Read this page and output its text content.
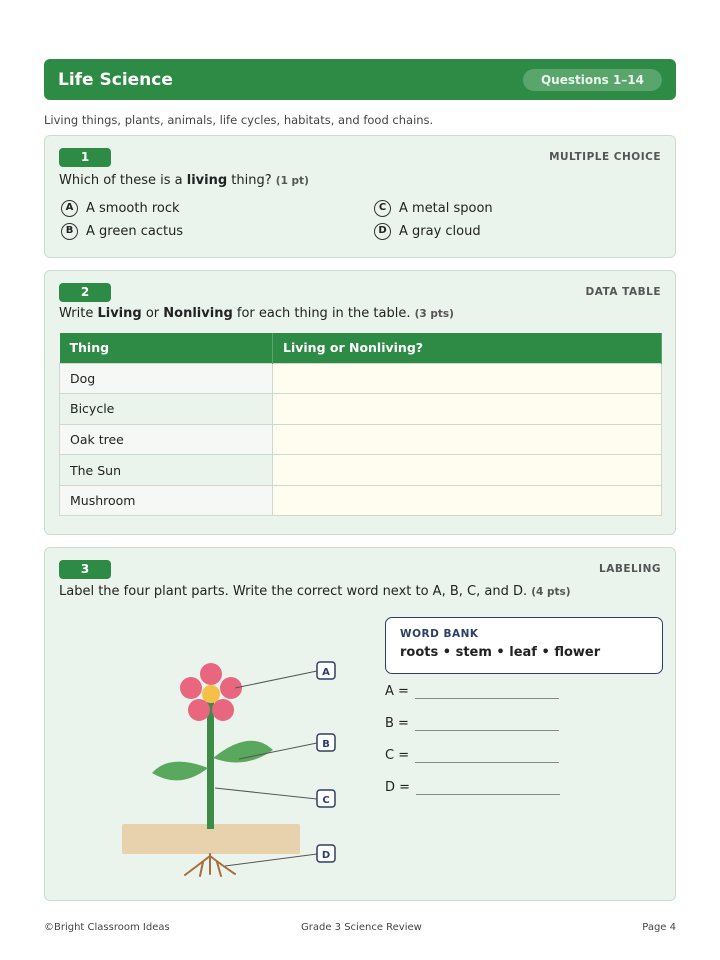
Life Science	Questions 1–14
Living things, plants, animals, life cycles, habitats, and food chains.
1	MULTIPLE CHOICE
Which of these is a living thing? (1 pt)
A A smooth rock
B A green cactus
C A metal spoon
D A gray cloud
2	DATA TABLE
Write Living or Nonliving for each thing in the table. (3 pts)
Thing	Living or Nonliving?
Dog	
Bicycle	
Oak tree	
The Sun	
Mushroom	
3	LABELING
Label the four plant parts. Write the correct word next to A, B, C, and D. (4 pts)
A
B
C
D
WORD BANK
roots • stem • leaf • flower
A =
B =
C =
D =
©Bright Classroom Ideas	Grade 3 Science Review	Page 4
